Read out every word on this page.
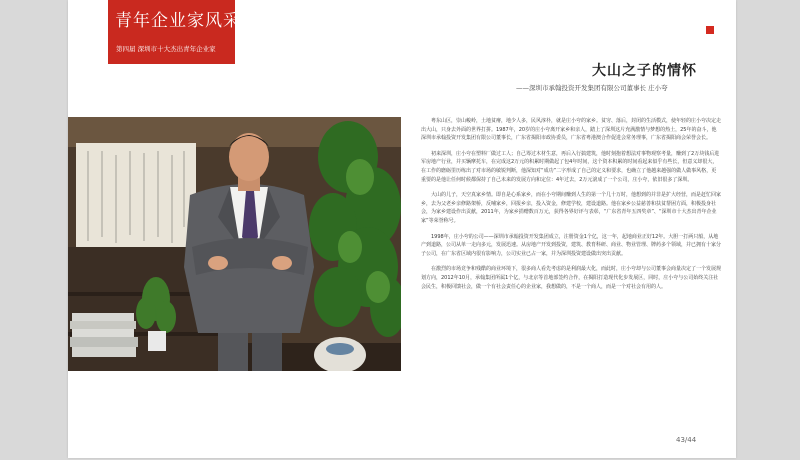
青年企业家风采
第四届 深圳市十大杰出青年企业家
大山之子的情怀
——深圳市承翰投资开发集团有限公司董事长 庄小夸

粤东山区，崇山峻岭，土地贫瘠，地少人多，民风淳朴，就是庄小夸的家乡。贫穷、落后，封闭的生活模式，使年轻的庄小夸决定走出大山，只身去外面的世界打拼。1987年，20岁的庄小夸离开家乡和亲人，踏上了深圳这片充满激情与梦想的热土，25年的奋斗，他深圳市承翰投资开发集团有限公司董事长，广东省揭阳市政协委员，广东省粤港澳合作促进会常务理事，广东省揭阳商会荣誉会长。

初来深圳，庄小夸在塑料厂做过工人；自己筹过木材生意，再后入行搞建筑，他时刻抱着想法对事物观察考量，赚到了2万块钱后进军房地产行业，并买辆摩托车，在完成这2万元的积累时期做起了包4年时间，这个资本积累的时间看起来似乎有些长，但意义却很大，在工作的磨砺里历练出了对市场的敏锐判断，他深知对“成功”二字形成了自己的定义和要求，也确立了他越来越强的做人做事风格，更重要的是他让任何时候都保持了自己未来的发展方向和定位：4年过去，2万元滚成了一个公司，庄小夸，依旧很多了深圳。

大山的儿子，天空真家乡情。即自是心系家乡，而在小夸期间赚到人生的第一个几十万时，他想到的并非是扩大经营，而是赶忙回家乡，去为父老乡亲修路架桥，反哺家乡，回报乡亲，投入资金，修建学校，建设道路。他在家乡公益慈善和扶贫帮困方面，积极投身社会，为家乡建设作出贡献，2011年，为家乡捐赠数百万元，获得各界好评与表彰，“广东省青年五四奖章”、“深圳市十大杰出青年企业家”等荣誉称号。

1998年，庄小夸的公司——深圳市承翰投资开发集团成立，注册资金1个亿，这一年，起地商业正好12年。大胆一打两只船，从地产到道路，公司从单一走向多元，发展迅速。从房地产开发到投资，建筑、教育科研、商业、物业管理、牌药多个领域，并已拥有十家分子公司，在广东省区域内很有影响力，公司实业已占一家，并为深圳投资建设做出突出贡献。

在激烈的市场竞争和残酷的商业环境下，很多商人看先考虑的是利润最大化，而此时，庄小夸却与公司董事会商量决定了一个发展规划方向，2012年10月，承翰集团所属1个亿，与北京等首地部签约合作，在揭阳打造现代化步发展区，同时，庄小夸与公司始终关注社会民生，积极回馈社会，做一个有社会责任心的企业家，我想做的，不是一个商人，而是一个对社会有用的人。

43/44
